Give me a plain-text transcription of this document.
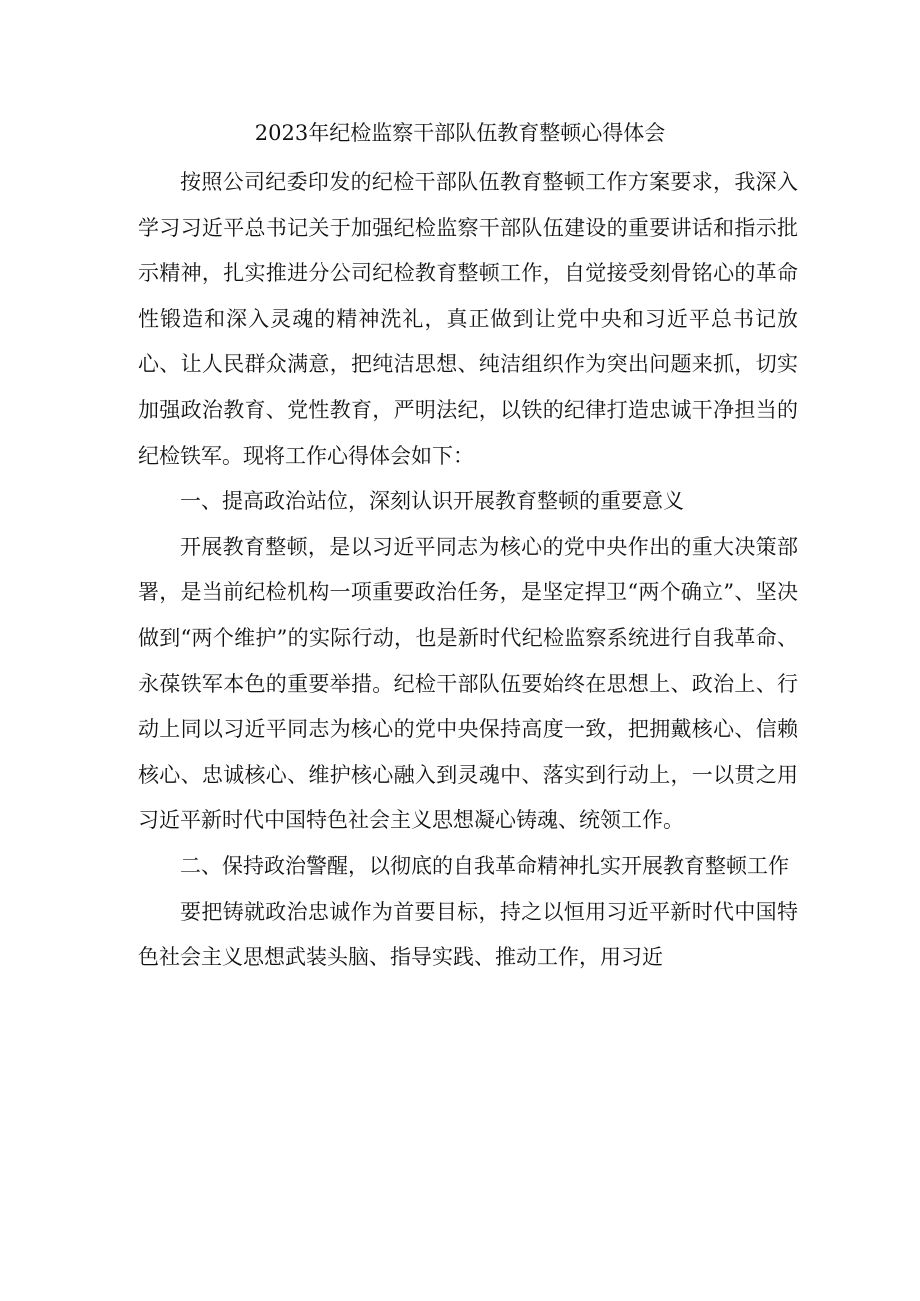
2023年纪检监察干部队伍教育整顿心得体会

按照公司纪委印发的纪检干部队伍教育整顿工作方案要求，我深入学习习近平总书记关于加强纪检监察干部队伍建设的重要讲话和指示批示精神，扎实推进分公司纪检教育整顿工作，自觉接受刻骨铭心的革命性锻造和深入灵魂的精神洗礼，真正做到让党中央和习近平总书记放心、让人民群众满意，把纯洁思想、纯洁组织作为突出问题来抓，切实加强政治教育、党性教育，严明法纪，以铁的纪律打造忠诚干净担当的纪检铁军。现将工作心得体会如下：

一、提高政治站位，深刻认识开展教育整顿的重要意义

开展教育整顿，是以习近平同志为核心的党中央作出的重大决策部署，是当前纪检机构一项重要政治任务，是坚定捍卫“两个确立”、坚决做到“两个维护”的实际行动，也是新时代纪检监察系统进行自我革命、永葆铁军本色的重要举措。纪检干部队伍要始终在思想上、政治上、行动上同以习近平同志为核心的党中央保持高度一致，把拥戴核心、信赖核心、忠诚核心、维护核心融入到灵魂中、落实到行动上，一以贯之用习近平新时代中国特色社会主义思想凝心铸魂、统领工作。

二、保持政治警醒，以彻底的自我革命精神扎实开展教育整顿工作

要把铸就政治忠诚作为首要目标，持之以恒用习近平新时代中国特色社会主义思想武装头脑、指导实践、推动工作，用习近
